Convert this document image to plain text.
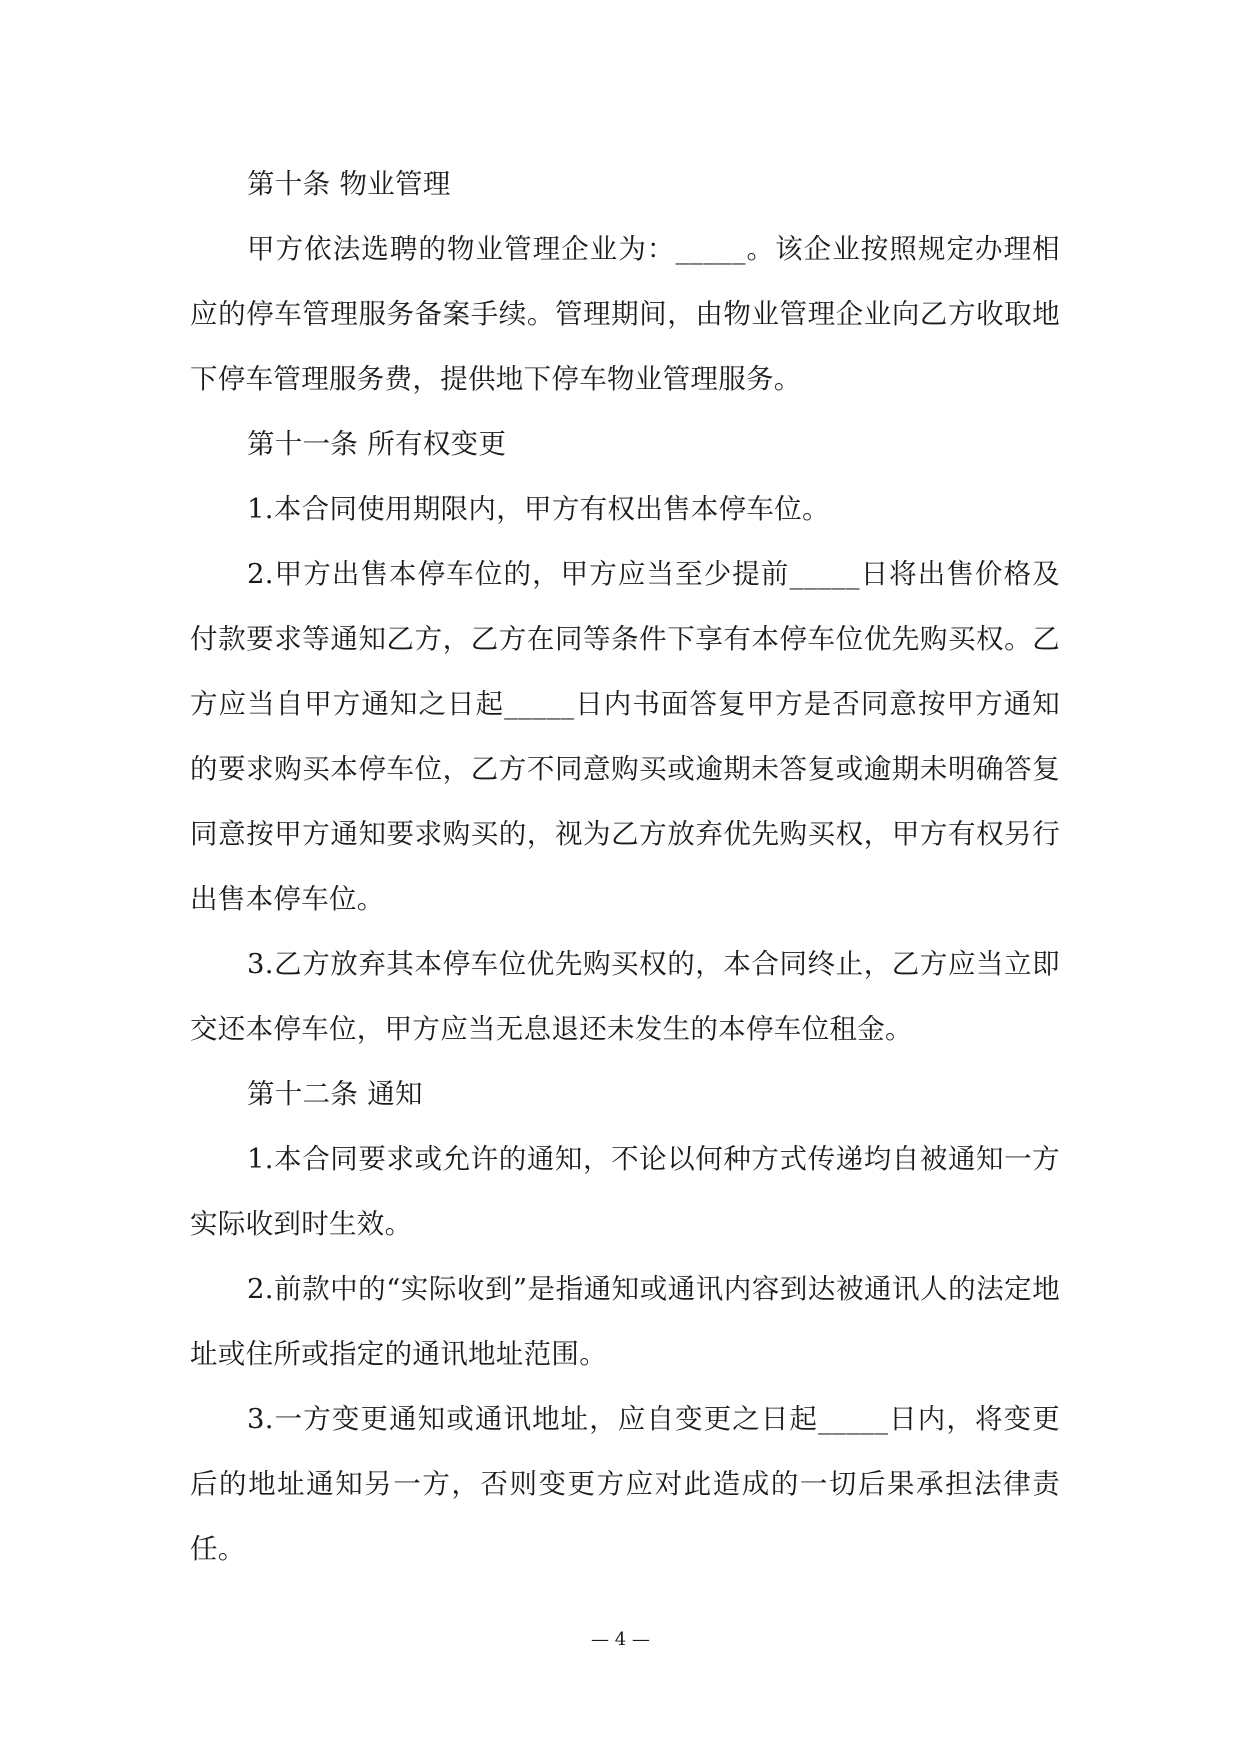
第十条 物业管理

甲方依法选聘的物业管理企业为：_____。该企业按照规定办理相应的停车管理服务备案手续。管理期间，由物业管理企业向乙方收取地下停车管理服务费，提供地下停车物业管理服务。

第十一条 所有权变更

1.本合同使用期限内，甲方有权出售本停车位。

2.甲方出售本停车位的，甲方应当至少提前_____日将出售价格及付款要求等通知乙方，乙方在同等条件下享有本停车位优先购买权。乙方应当自甲方通知之日起_____日内书面答复甲方是否同意按甲方通知的要求购买本停车位，乙方不同意购买或逾期未答复或逾期未明确答复同意按甲方通知要求购买的，视为乙方放弃优先购买权，甲方有权另行出售本停车位。

3.乙方放弃其本停车位优先购买权的，本合同终止，乙方应当立即交还本停车位，甲方应当无息退还未发生的本停车位租金。

第十二条 通知

1.本合同要求或允许的通知，不论以何种方式传递均自被通知一方实际收到时生效。

2.前款中的“实际收到”是指通知或通讯内容到达被通讯人的法定地址或住所或指定的通讯地址范围。

3.一方变更通知或通讯地址，应自变更之日起_____日内，将变更后的地址通知另一方，否则变更方应对此造成的一切后果承担法律责任。

— 4 —
